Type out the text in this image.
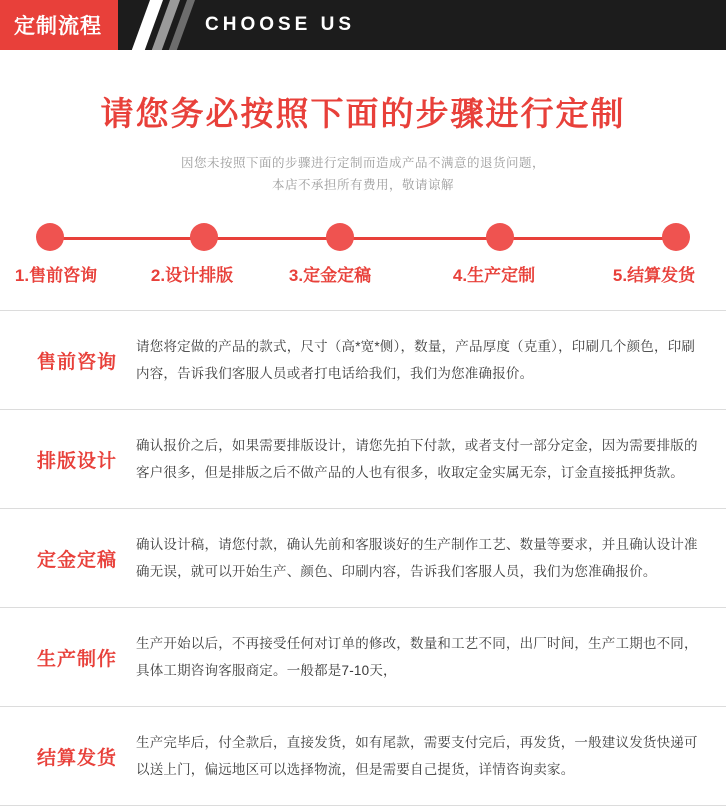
定制流程	CHOOSE US
请您务必按照下面的步骤进行定制
因您未按照下面的步骤进行定制而造成产品不满意的退货问题，
本店不承担所有费用，敬请谅解
1.售前咨询	2.设计排版	3.定金定稿	4.生产定制	5.结算发货
售前咨询
请您将定做的产品的款式，尺寸（高*宽*侧），数量，产品厚度（克重），印刷几个颜色，印刷内容，告诉我们客服人员或者打电话给我们，我们为您准确报价。
排版设计
确认报价之后，如果需要排版设计，请您先拍下付款，或者支付一部分定金，因为需要排版的客户很多，但是排版之后不做产品的人也有很多，收取定金实属无奈，订金直接抵押货款。
定金定稿
确认设计稿，请您付款，确认先前和客服谈好的生产制作工艺、数量等要求，并且确认设计准确无误，就可以开始生产、颜色、印刷内容，告诉我们客服人员，我们为您准确报价。
生产制作
生产开始以后，不再接受任何对订单的修改，数量和工艺不同，出厂时间，生产工期也不同，具体工期咨询客服商定。一般都是7-10天，
结算发货
生产完毕后，付全款后，直接发货，如有尾款，需要支付完后，再发货，一般建议发货快递可以送上门，偏远地区可以选择物流，但是需要自己提货，详情咨询卖家。
